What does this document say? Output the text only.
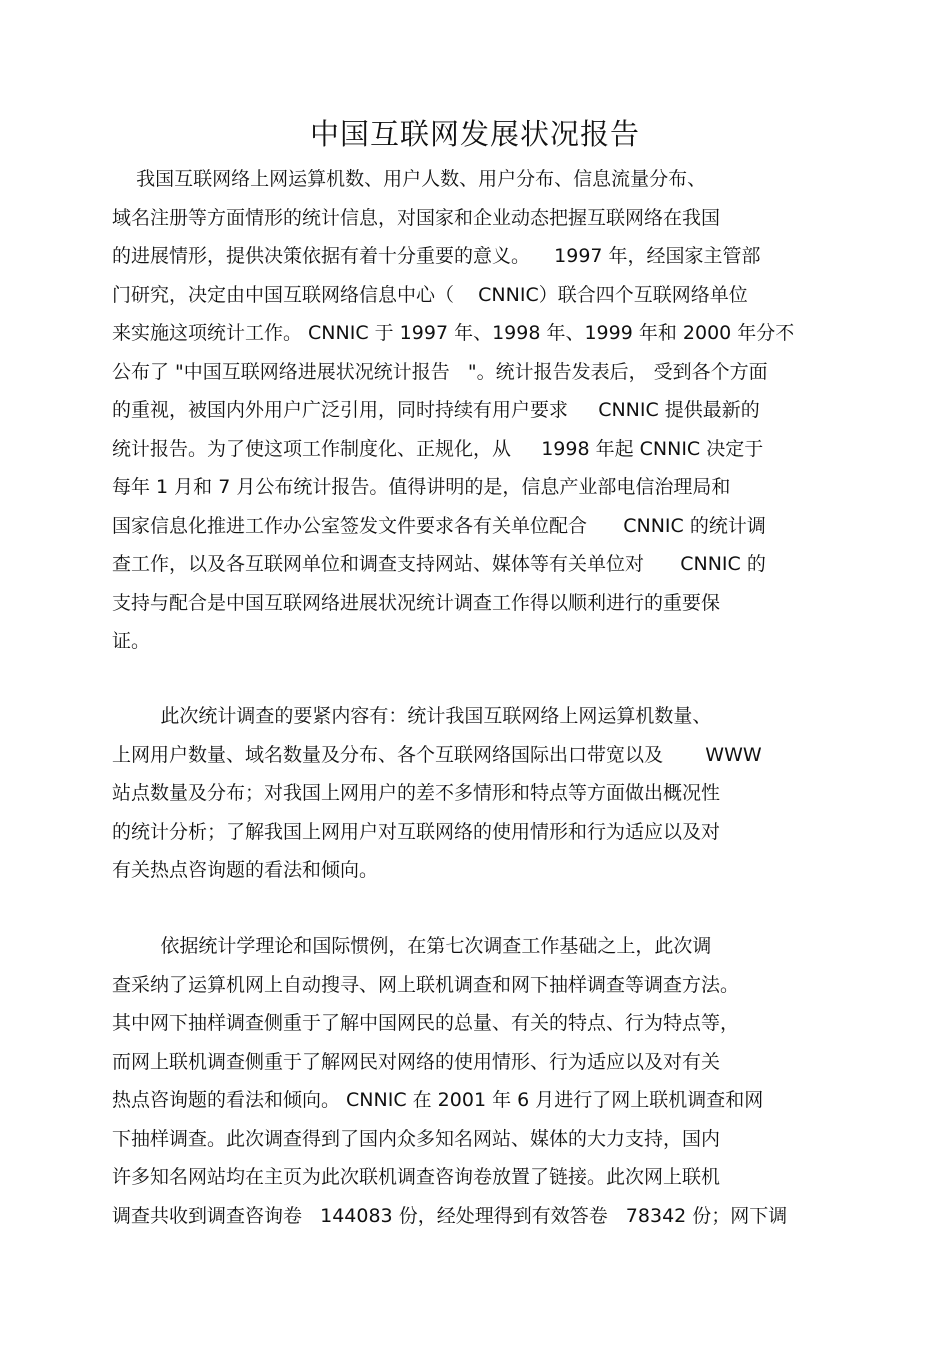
中国互联网发展状况报告
我国互联网络上网运算机数、用户人数、用户分布、信息流量分布、
域名注册等方面情形的统计信息，对国家和企业动态把握互联网络在我国
的进展情形，提供决策依据有着十分重要的意义。    1997 年，经国家主管部
门研究，决定由中国互联网络信息中心（    CNNIC）联合四个互联网络单位
来实施这项统计工作。 CNNIC 于 1997 年、1998 年、1999 年和 2000 年分不
公布了 "中国互联网络进展状况统计报告   "。统计报告发表后， 受到各个方面
的重视，被国内外用户广泛引用，同时持续有用户要求     CNNIC 提供最新的
统计报告。为了使这项工作制度化、正规化，从     1998 年起 CNNIC 决定于
每年 1 月和 7 月公布统计报告。值得讲明的是，信息产业部电信治理局和
国家信息化推进工作办公室签发文件要求各有关单位配合      CNNIC 的统计调
查工作，以及各互联网单位和调查支持网站、媒体等有关单位对      CNNIC 的
支持与配合是中国互联网络进展状况统计调查工作得以顺利进行的重要保
证。
此次统计调查的要紧内容有：统计我国互联网络上网运算机数量、
上网用户数量、域名数量及分布、各个互联网络国际出口带宽以及       WWW
站点数量及分布；对我国上网用户的差不多情形和特点等方面做出概况性
的统计分析；了解我国上网用户对互联网络的使用情形和行为适应以及对
有关热点咨询题的看法和倾向。
依据统计学理论和国际惯例，在第七次调查工作基础之上，此次调
查采纳了运算机网上自动搜寻、网上联机调查和网下抽样调查等调查方法。
其中网下抽样调查侧重于了解中国网民的总量、有关的特点、行为特点等，
而网上联机调查侧重于了解网民对网络的使用情形、行为适应以及对有关
热点咨询题的看法和倾向。 CNNIC 在 2001 年 6 月进行了网上联机调查和网
下抽样调查。此次调查得到了国内众多知名网站、媒体的大力支持，国内
许多知名网站均在主页为此次联机调查咨询卷放置了链接。此次网上联机
调查共收到调查咨询卷   144083 份，经处理得到有效答卷   78342 份；网下调
